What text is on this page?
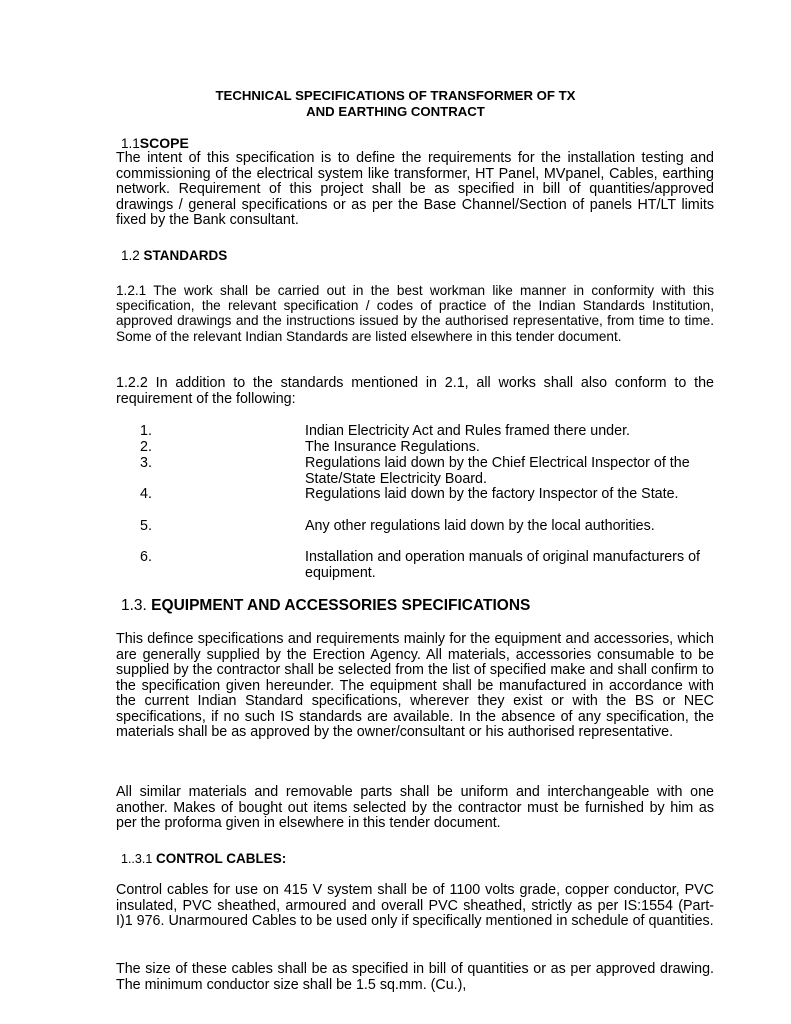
TECHNICAL SPECIFICATIONS OF TRANSFORMER OF TX
AND EARTHING CONTRACT
1.1SCOPE
The intent of this specification is to define the requirements for the installation testing and commissioning of the electrical system like transformer, HT Panel, MVpanel, Cables, earthing network. Requirement of this project shall be as specified in bill of quantities/approved drawings / general specifications or as per the Base Channel/Section of panels HT/LT limits fixed by the Bank consultant.
1.2 STANDARDS
1.2.1 The work shall be carried out in the best workman like manner in conformity with this specification, the relevant specification / codes of practice of the Indian Standards Institution, approved drawings and the instructions issued by the authorised representative, from time to time. Some of the relevant Indian Standards are listed elsewhere in this tender document.
1.2.2 In addition to the standards mentioned in 2.1, all works shall also conform to the requirement of the following:
1.	Indian Electricity Act and Rules framed there under.
2.	The Insurance Regulations.
3.	Regulations laid down by the Chief Electrical Inspector of the State/State Electricity Board.
4.	Regulations laid down by the factory Inspector of the State.
5.	Any other regulations laid down by the local authorities.
6.	Installation and operation manuals of original manufacturers of equipment.
1.3. EQUIPMENT AND ACCESSORIES SPECIFICATIONS
This defince specifications and requirements mainly for the equipment and accessories, which are generally supplied by the Erection Agency. All materials, accessories consumable to be supplied by the contractor shall be selected from the list of specified make and shall confirm to the specification given hereunder. The equipment shall be manufactured in accordance with the current Indian Standard specifications, wherever they exist or with the BS or NEC specifications, if no such IS standards are available. In the absence of any specification, the materials shall be as approved by the owner/consultant or his authorised representative.
All similar materials and removable parts shall be uniform and interchangeable with one another. Makes of bought out items selected by the contractor must be furnished by him as per the proforma given in elsewhere in this tender document.
1..3.1 CONTROL CABLES:
Control cables for use on 415 V system shall be of 1100 volts grade, copper conductor, PVC insulated, PVC sheathed, armoured and overall PVC sheathed, strictly as per IS:1554 (Part-I)1 976. Unarmoured Cables to be used only if specifically mentioned in schedule of quantities.
The size of these cables shall be as specified in bill of quantities or as per approved drawing. The minimum conductor size shall be 1.5 sq.mm. (Cu.),
